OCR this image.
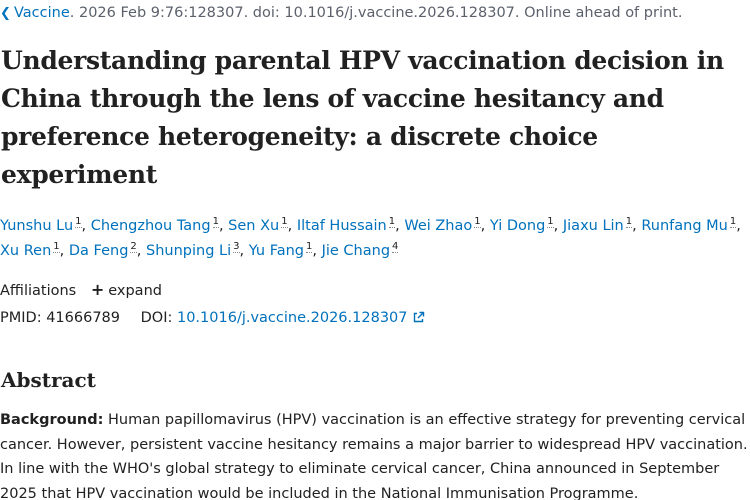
❮ Vaccine. 2026 Feb 9:76:128307. doi: 10.1016/j.vaccine.2026.128307. Online ahead of print.
Understanding parental HPV vaccination decision in China through the lens of vaccine hesitancy and preference heterogeneity: a discrete choice experiment
Yunshu Lu $^1$, Chengzhou Tang $^1$, Sen Xu $^1$, Iltaf Hussain $^1$, Wei Zhao $^1$, Yi Dong $^1$, Jiaxu Lin $^1$, Runfang Mu $^1$, Xu Ren $^1$, Da Feng $^2$, Shunping Li $^3$, Yu Fang $^1$, Jie Chang $^4$
Affiliations + expand
PMID: 41666789 DOI: 10.1016/j.vaccine.2026.128307
Abstract

Background: Human papillomavirus (HPV) vaccination is an effective strategy for preventing cervical cancer. However, persistent vaccine hesitancy remains a major barrier to widespread HPV vaccination. In line with the WHO's global strategy to eliminate cervical cancer, China announced in September 2025 that HPV vaccination would be included in the National Immunisation Programme.
